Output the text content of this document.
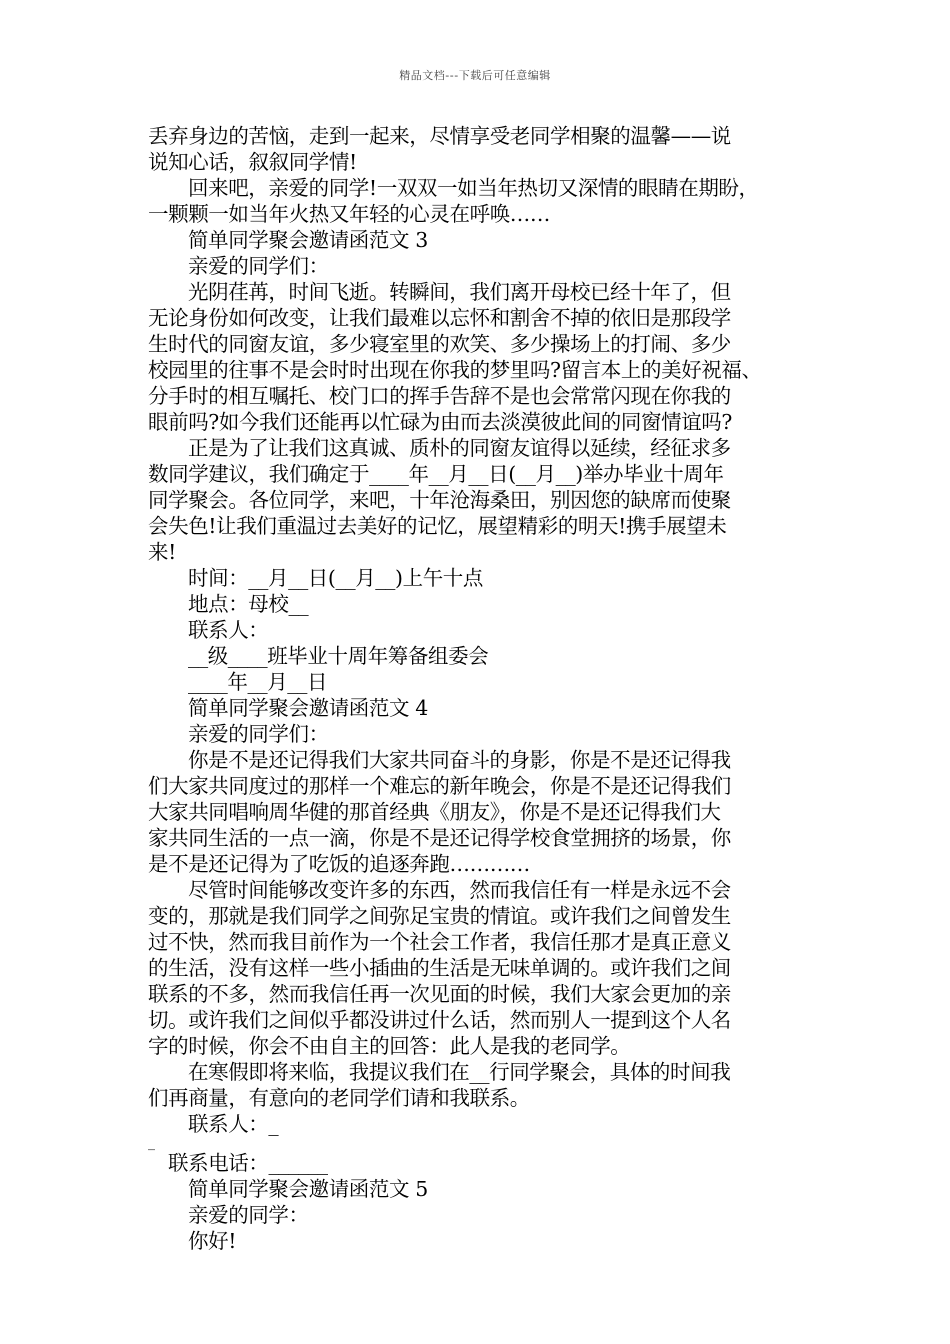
精品文档---下载后可任意编辑
丢弃身边的苦恼，走到一起来，尽情享受老同学相聚的温馨——说
说知心话，叙叙同学情!
回来吧，亲爱的同学!一双双一如当年热切又深情的眼睛在期盼，
一颗颗一如当年火热又年轻的心灵在呼唤……
简单同学聚会邀请函范文 3
亲爱的同学们：
光阴荏苒，时间飞逝。转瞬间，我们离开母校已经十年了，但
无论身份如何改变，让我们最难以忘怀和割舍不掉的依旧是那段学
生时代的同窗友谊，多少寝室里的欢笑、多少操场上的打闹、多少
校园里的往事不是会时时出现在你我的梦里吗?留言本上的美好祝福、
分手时的相互嘱托、校门口的挥手告辞不是也会常常闪现在你我的
眼前吗?如今我们还能再以忙碌为由而去淡漠彼此间的同窗情谊吗?
正是为了让我们这真诚、质朴的同窗友谊得以延续，经征求多
数同学建议，我们确定于____年__月__日(__月__)举办毕业十周年
同学聚会。各位同学，来吧，十年沧海桑田，别因您的缺席而使聚
会失色!让我们重温过去美好的记忆，展望精彩的明天!携手展望未
来!
时间：__月__日(__月__)上午十点
地点：母校__
联系人：
__级____班毕业十周年筹备组委会
____年__月__日
简单同学聚会邀请函范文 4
亲爱的同学们：
你是不是还记得我们大家共同奋斗的身影，你是不是还记得我
们大家共同度过的那样一个难忘的新年晚会，你是不是还记得我们
大家共同唱响周华健的那首经典《朋友》，你是不是还记得我们大
家共同生活的一点一滴，你是不是还记得学校食堂拥挤的场景，你
是不是还记得为了吃饭的追逐奔跑…………
尽管时间能够改变许多的东西，然而我信任有一样是永远不会
变的，那就是我们同学之间弥足宝贵的情谊。或许我们之间曾发生
过不快，然而我目前作为一个社会工作者，我信任那才是真正意义
的生活，没有这样一些小插曲的生活是无味单调的。或许我们之间
联系的不多，然而我信任再一次见面的时候，我们大家会更加的亲
切。或许我们之间似乎都没讲过什么话，然而别人一提到这个人名
字的时候，你会不由自主的回答：此人是我的老同学。
在寒假即将来临，我提议我们在__行同学聚会，具体的时间我
们再商量，有意向的老同学们请和我联系。
联系人：_
_
联系电话：______
简单同学聚会邀请函范文 5
亲爱的同学：
你好!
